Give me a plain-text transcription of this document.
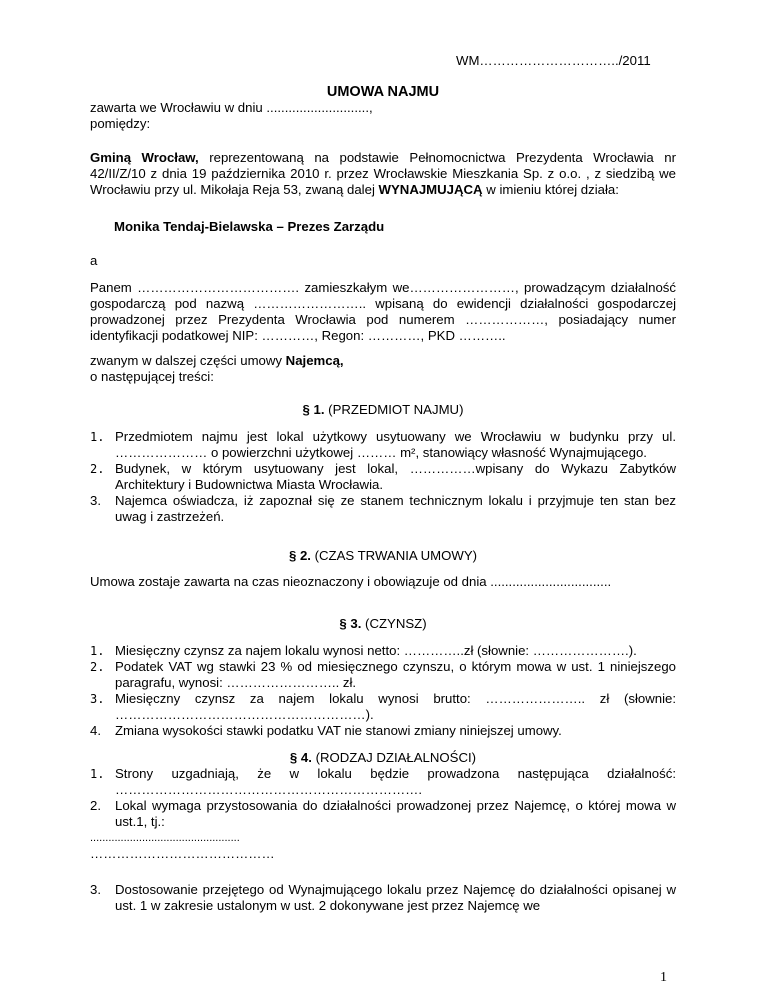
WM…………………………../2011
UMOWA NAJMU
zawarta we Wrocławiu w dniu ............................,
pomiędzy:
Gminą Wrocław, reprezentowaną na podstawie Pełnomocnictwa Prezydenta Wrocławia nr 42/II/Z/10 z dnia 19 października 2010 r. przez Wrocławskie Mieszkania Sp. z o.o. , z siedzibą we Wrocławiu przy ul. Mikołaja Reja 53, zwaną dalej WYNAJMUJĄCĄ w imieniu której działa:
Monika Tendaj-Bielawska – Prezes Zarządu
a
Panem ………………………………. zamieszkałym we……………………, prowadzącym działalność gospodarczą pod nazwą …………………….. wpisaną do ewidencji działalności gospodarczej prowadzonej przez Prezydenta Wrocławia pod numerem ………………, posiadający numer identyfikacji podatkowej NIP: …………, Regon: …………, PKD ………..
zwanym w dalszej części umowy Najemcą,
o następującej treści:
§ 1. (PRZEDMIOT NAJMU)
1. Przedmiotem najmu jest lokal użytkowy usytuowany we Wrocławiu w budynku przy ul. ………………… o powierzchni użytkowej ……… m², stanowiący własność Wynajmującego.
2. Budynek, w którym usytuowany jest lokal, ……………wpisany do Wykazu Zabytków Architektury i Budownictwa Miasta Wrocławia.
3. Najemca oświadcza, iż zapoznał się ze stanem technicznym lokalu i przyjmuje ten stan bez uwag i zastrzeżeń.
§ 2. (CZAS TRWANIA UMOWY)
Umowa zostaje zawarta na czas nieoznaczony i obowiązuje od dnia .................................
§ 3. (CZYNSZ)
1. Miesięczny czynsz za najem lokalu wynosi netto: …………..zł (słownie: ………………….).
2. Podatek VAT wg stawki 23 % od miesięcznego czynszu, o którym mowa w ust. 1 niniejszego paragrafu, wynosi: …………………….. zł.
3. Miesięczny czynsz za najem lokalu wynosi brutto: ………………….. zł (słownie: …………………………………………………).
4. Zmiana wysokości stawki podatku VAT nie stanowi zmiany niniejszej umowy.
§ 4. (RODZAJ DZIAŁALNOŚCI)
1. Strony uzgadniają, że w lokalu będzie prowadzona następująca działalność: …………………………………………………………….
2. Lokal wymaga przystosowania do działalności prowadzonej przez Najemcę, o której mowa w ust.1, tj.:
.................................................
……………………………………
3. Dostosowanie przejętego od Wynajmującego lokalu przez Najemcę do działalności opisanej w ust. 1 w zakresie ustalonym w ust. 2 dokonywane jest przez Najemcę we
1
